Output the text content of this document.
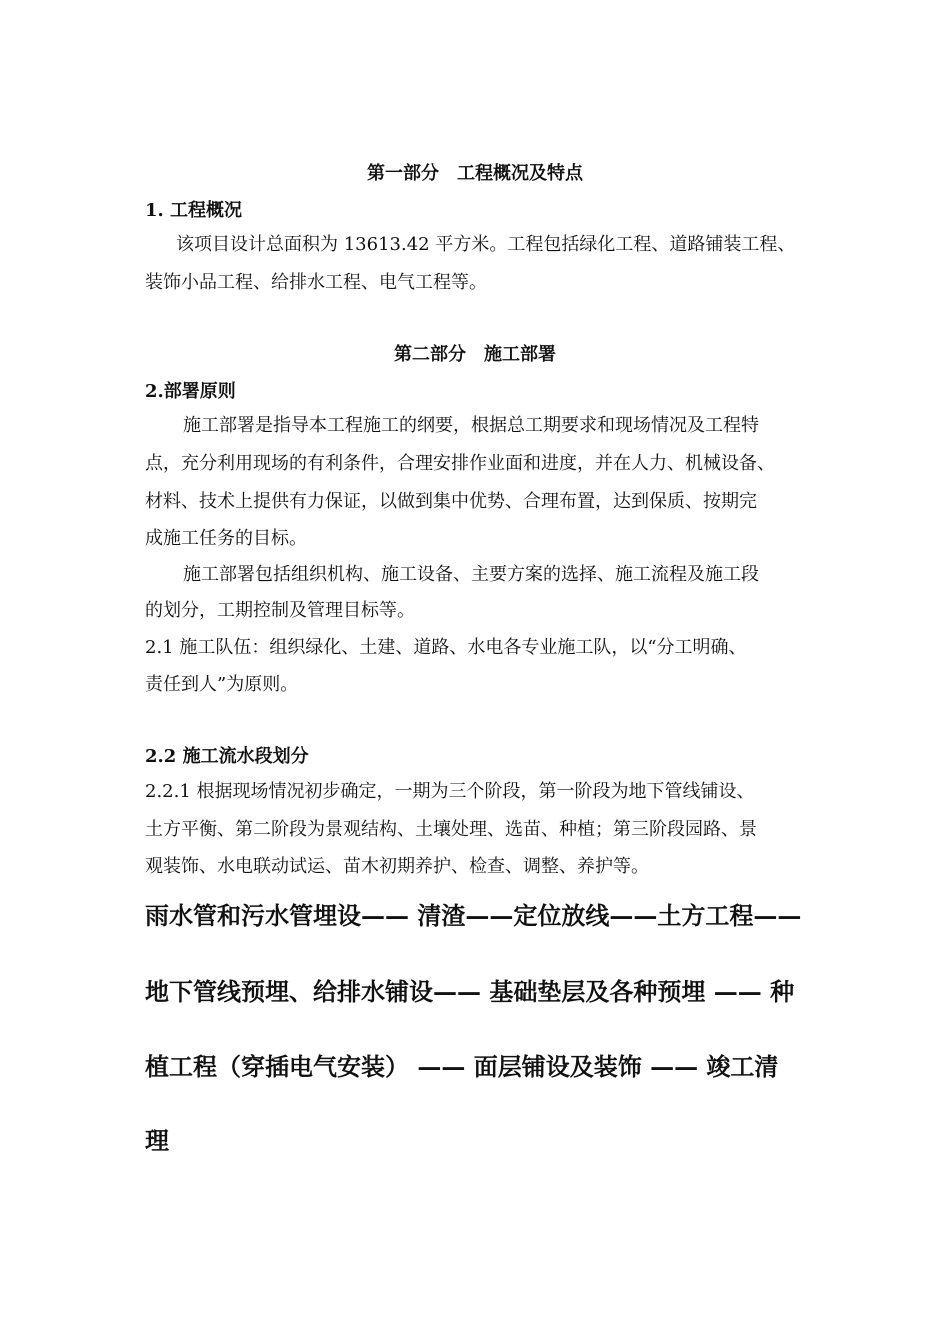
第一部分　工程概况及特点
1. 工程概况
该项目设计总面积为 13613.42 平方米。工程包括绿化工程、道路铺装工程、
装饰小品工程、给排水工程、电气工程等。
第二部分　施工部署
2.部署原则
施工部署是指导本工程施工的纲要，根据总工期要求和现场情况及工程特
点，充分利用现场的有利条件，合理安排作业面和进度，并在人力、机械设备、
材料、技术上提供有力保证，以做到集中优势、合理布置，达到保质、按期完
成施工任务的目标。
施工部署包括组织机构、施工设备、主要方案的选择、施工流程及施工段
的划分，工期控制及管理目标等。
2.1 施工队伍：组织绿化、土建、道路、水电各专业施工队，以“分工明确、
责任到人”为原则。
2.2 施工流水段划分
2.2.1 根据现场情况初步确定，一期为三个阶段，第一阶段为地下管线铺设、
土方平衡、第二阶段为景观结构、土壤处理、选苗、种植；第三阶段园路、景
观装饰、水电联动试运、苗木初期养护、检查、调整、养护等。
雨水管和污水管埋设—— 清渣——定位放线——土方工程——
地下管线预埋、给排水铺设—— 基础垫层及各种预埋 —— 种
植工程（穿插电气安装） —— 面层铺设及装饰 —— 竣工清
理
